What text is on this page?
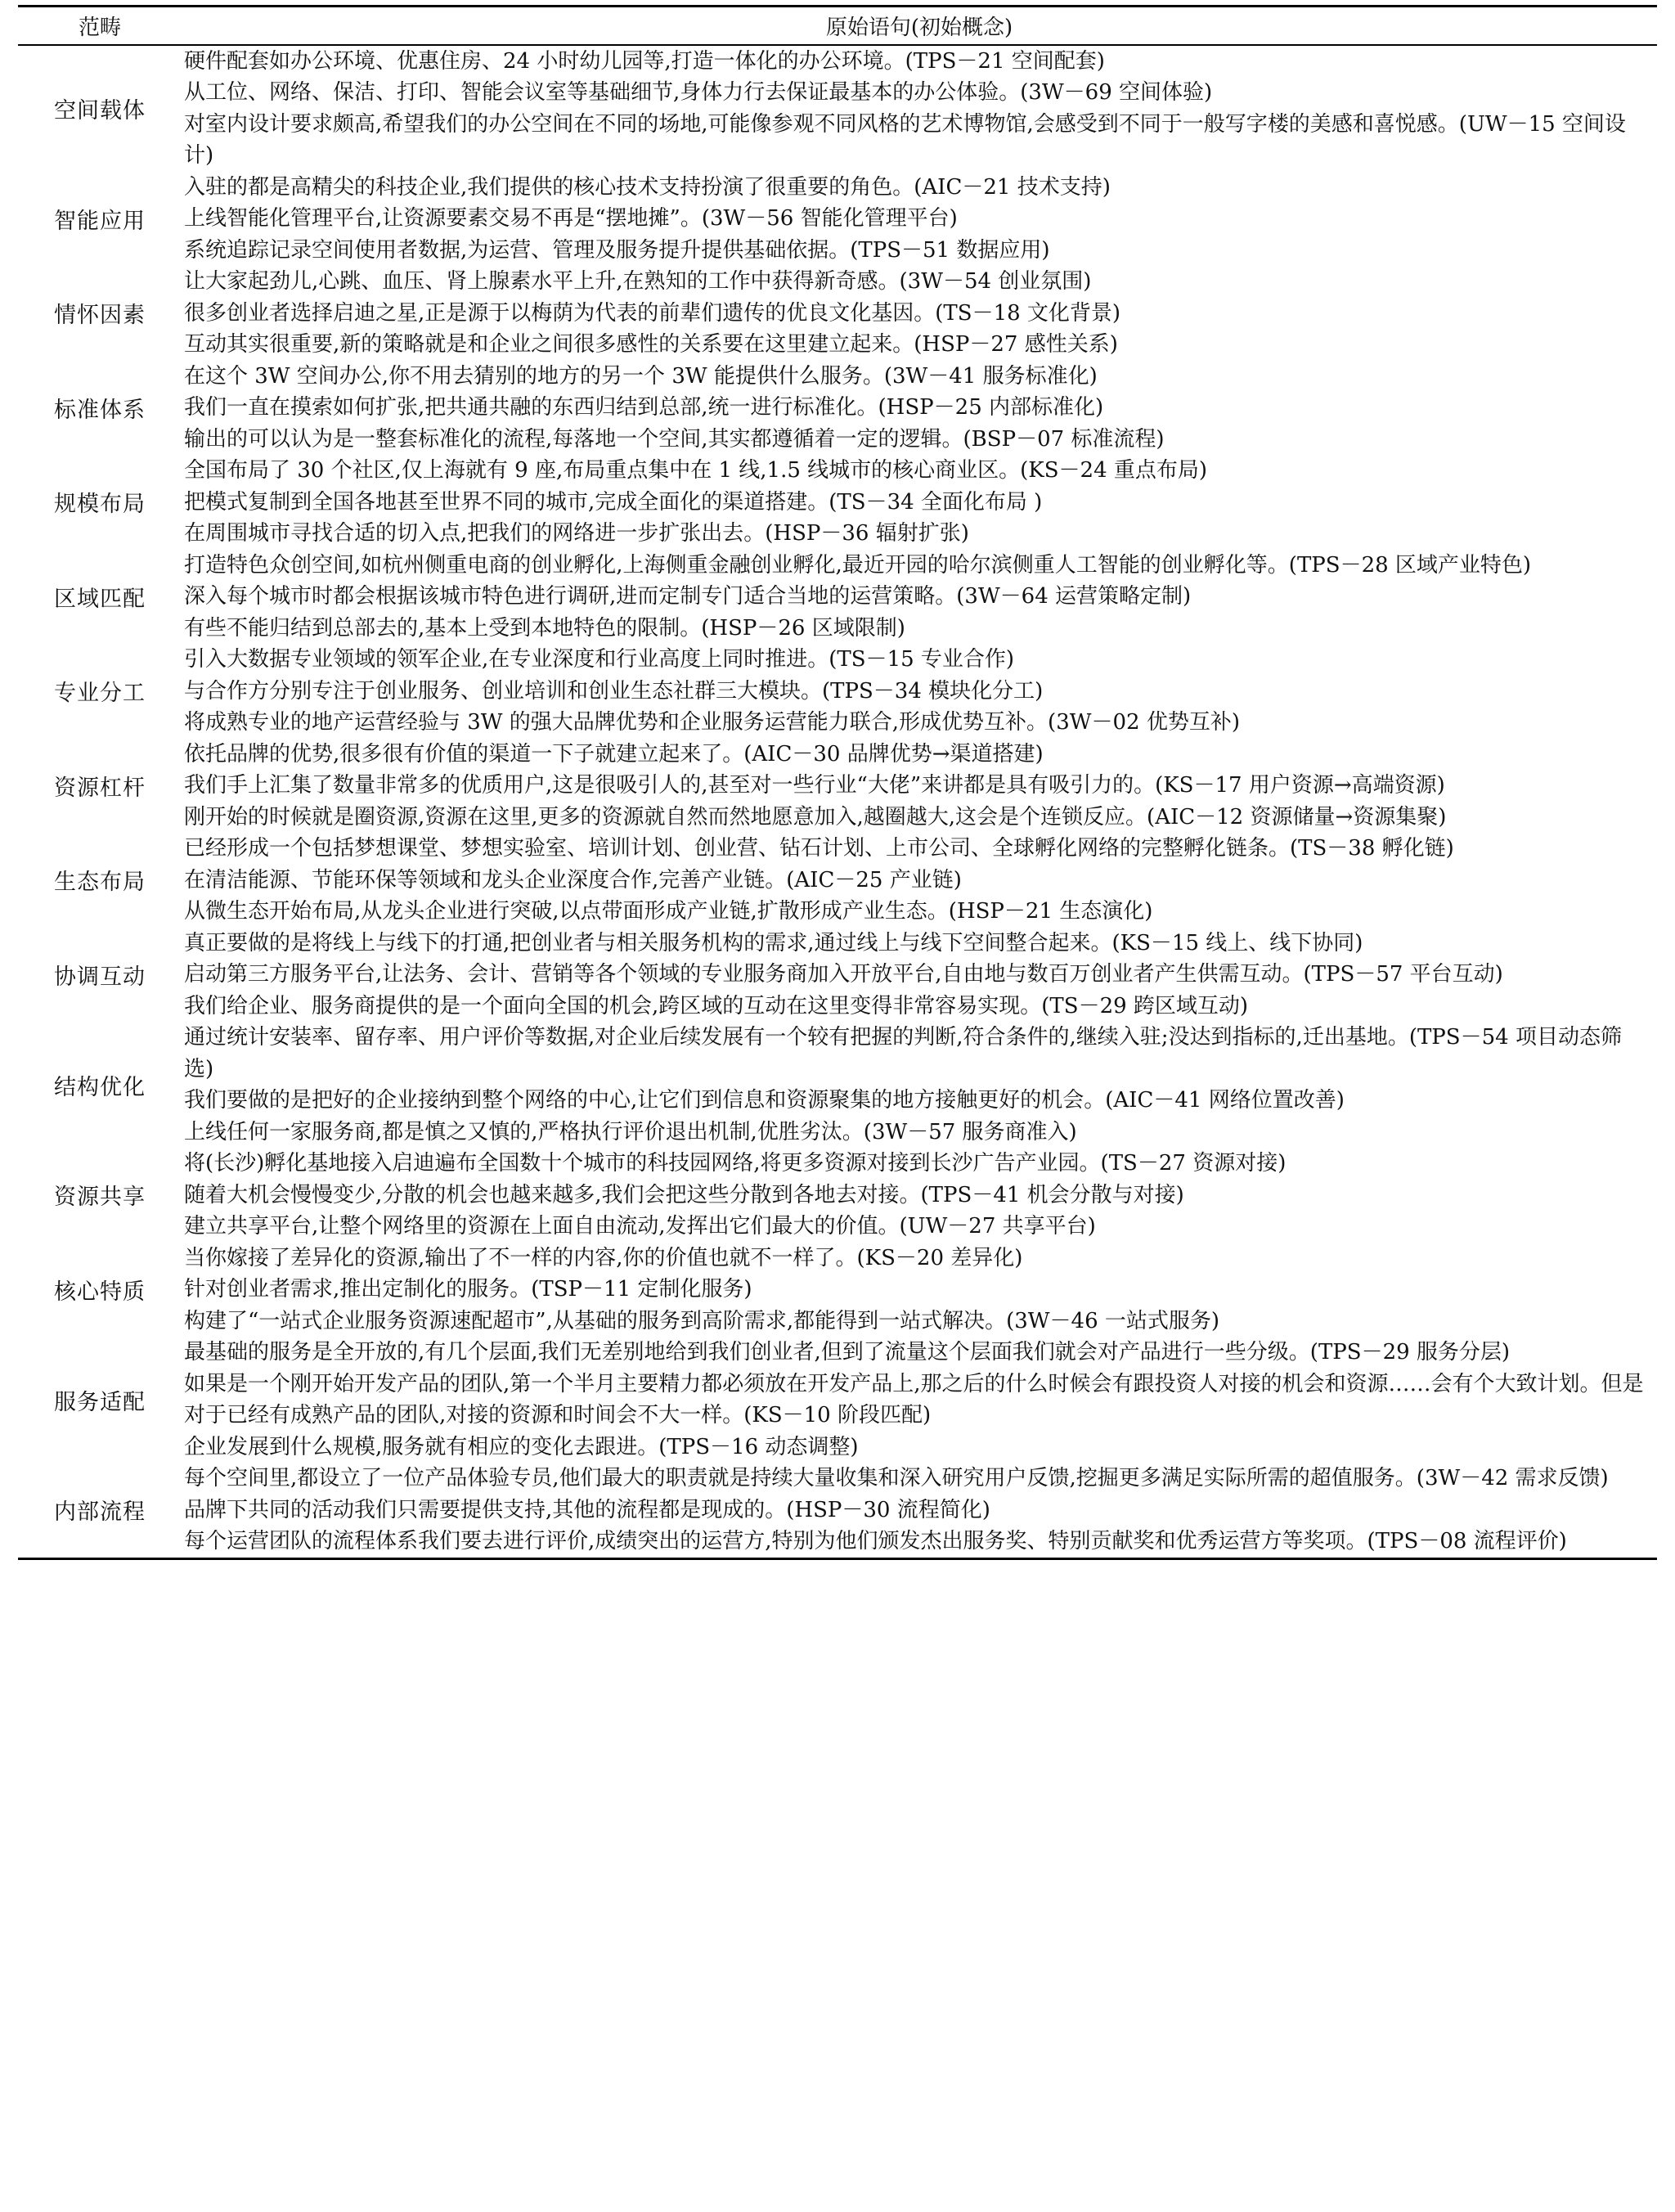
范畴	原始语句(初始概念)
空间载体	硬件配套如办公环境、优惠住房、24 小时幼儿园等,打造一体化的办公环境。(TPS－21 空间配套)
从工位、网络、保洁、打印、智能会议室等基础细节,身体力行去保证最基本的办公体验。(3W－69 空间体验)
对室内设计要求颇高,希望我们的办公空间在不同的场地,可能像参观不同风格的艺术博物馆,会感受到不同于一般写字楼的美感和喜悦感。(UW－15 空间设计)

智能应用	入驻的都是高精尖的科技企业,我们提供的核心技术支持扮演了很重要的角色。(AIC－21 技术支持)
上线智能化管理平台,让资源要素交易不再是“摆地摊”。(3W－56 智能化管理平台)
系统追踪记录空间使用者数据,为运营、管理及服务提升提供基础依据。(TPS－51 数据应用)

情怀因素	让大家起劲儿,心跳、血压、肾上腺素水平上升,在熟知的工作中获得新奇感。(3W－54 创业氛围)
很多创业者选择启迪之星,正是源于以梅荫为代表的前辈们遗传的优良文化基因。(TS－18 文化背景)
互动其实很重要,新的策略就是和企业之间很多感性的关系要在这里建立起来。(HSP－27 感性关系)

标准体系	在这个 3W 空间办公,你不用去猜别的地方的另一个 3W 能提供什么服务。(3W－41 服务标准化)
我们一直在摸索如何扩张,把共通共融的东西归结到总部,统一进行标准化。(HSP－25 内部标准化)
输出的可以认为是一整套标准化的流程,每落地一个空间,其实都遵循着一定的逻辑。(BSP－07 标准流程)

规模布局	全国布局了 30 个社区,仅上海就有 9 座,布局重点集中在 1 线,1.5 线城市的核心商业区。(KS－24 重点布局)
把模式复制到全国各地甚至世界不同的城市,完成全面化的渠道搭建。(TS－34 全面化布局 )
在周围城市寻找合适的切入点,把我们的网络进一步扩张出去。(HSP－36 辐射扩张)

区域匹配	打造特色众创空间,如杭州侧重电商的创业孵化,上海侧重金融创业孵化,最近开园的哈尔滨侧重人工智能的创业孵化等。(TPS－28 区域产业特色)
深入每个城市时都会根据该城市特色进行调研,进而定制专门适合当地的运营策略。(3W－64 运营策略定制)
有些不能归结到总部去的,基本上受到本地特色的限制。(HSP－26 区域限制)

专业分工	引入大数据专业领域的领军企业,在专业深度和行业高度上同时推进。(TS－15 专业合作)
与合作方分别专注于创业服务、创业培训和创业生态社群三大模块。(TPS－34 模块化分工)
将成熟专业的地产运营经验与 3W 的强大品牌优势和企业服务运营能力联合,形成优势互补。(3W－02 优势互补)

资源杠杆	依托品牌的优势,很多很有价值的渠道一下子就建立起来了。(AIC－30 品牌优势→渠道搭建)
我们手上汇集了数量非常多的优质用户,这是很吸引人的,甚至对一些行业“大佬”来讲都是具有吸引力的。(KS－17 用户资源→高端资源)
刚开始的时候就是圈资源,资源在这里,更多的资源就自然而然地愿意加入,越圈越大,这会是个连锁反应。(AIC－12 资源储量→资源集聚)

生态布局	已经形成一个包括梦想课堂、梦想实验室、培训计划、创业营、钻石计划、上市公司、全球孵化网络的完整孵化链条。(TS－38 孵化链)
在清洁能源、节能环保等领域和龙头企业深度合作,完善产业链。(AIC－25 产业链)
从微生态开始布局,从龙头企业进行突破,以点带面形成产业链,扩散形成产业生态。(HSP－21 生态演化)

协调互动	真正要做的是将线上与线下的打通,把创业者与相关服务机构的需求,通过线上与线下空间整合起来。(KS－15 线上、线下协同)
启动第三方服务平台,让法务、会计、营销等各个领域的专业服务商加入开放平台,自由地与数百万创业者产生供需互动。(TPS－57 平台互动)
我们给企业、服务商提供的是一个面向全国的机会,跨区域的互动在这里变得非常容易实现。(TS－29 跨区域互动)

结构优化	通过统计安装率、留存率、用户评价等数据,对企业后续发展有一个较有把握的判断,符合条件的,继续入驻;没达到指标的,迁出基地。(TPS－54 项目动态筛选)
我们要做的是把好的企业接纳到整个网络的中心,让它们到信息和资源聚集的地方接触更好的机会。(AIC－41 网络位置改善)
上线任何一家服务商,都是慎之又慎的,严格执行评价退出机制,优胜劣汰。(3W－57 服务商准入)

资源共享	将(长沙)孵化基地接入启迪遍布全国数十个城市的科技园网络,将更多资源对接到长沙广告产业园。(TS－27 资源对接)
随着大机会慢慢变少,分散的机会也越来越多,我们会把这些分散到各地去对接。(TPS－41 机会分散与对接)
建立共享平台,让整个网络里的资源在上面自由流动,发挥出它们最大的价值。(UW－27 共享平台)

核心特质	当你嫁接了差异化的资源,输出了不一样的内容,你的价值也就不一样了。(KS－20 差异化)
针对创业者需求,推出定制化的服务。(TSP－11 定制化服务)
构建了“一站式企业服务资源速配超市”,从基础的服务到高阶需求,都能得到一站式解决。(3W－46 一站式服务)

服务适配	最基础的服务是全开放的,有几个层面,我们无差别地给到我们创业者,但到了流量这个层面我们就会对产品进行一些分级。(TPS－29 服务分层)
如果是一个刚开始开发产品的团队,第一个半月主要精力都必须放在开发产品上,那之后的什么时候会有跟投资人对接的机会和资源……会有个大致计划。但是对于已经有成熟产品的团队,对接的资源和时间会不大一样。(KS－10 阶段匹配)
企业发展到什么规模,服务就有相应的变化去跟进。(TPS－16 动态调整)

内部流程	每个空间里,都设立了一位产品体验专员,他们最大的职责就是持续大量收集和深入研究用户反馈,挖掘更多满足实际所需的超值服务。(3W－42 需求反馈)
品牌下共同的活动我们只需要提供支持,其他的流程都是现成的。(HSP－30 流程简化)
每个运营团队的流程体系我们要去进行评价,成绩突出的运营方,特别为他们颁发杰出服务奖、特别贡献奖和优秀运营方等奖项。(TPS－08 流程评价)
